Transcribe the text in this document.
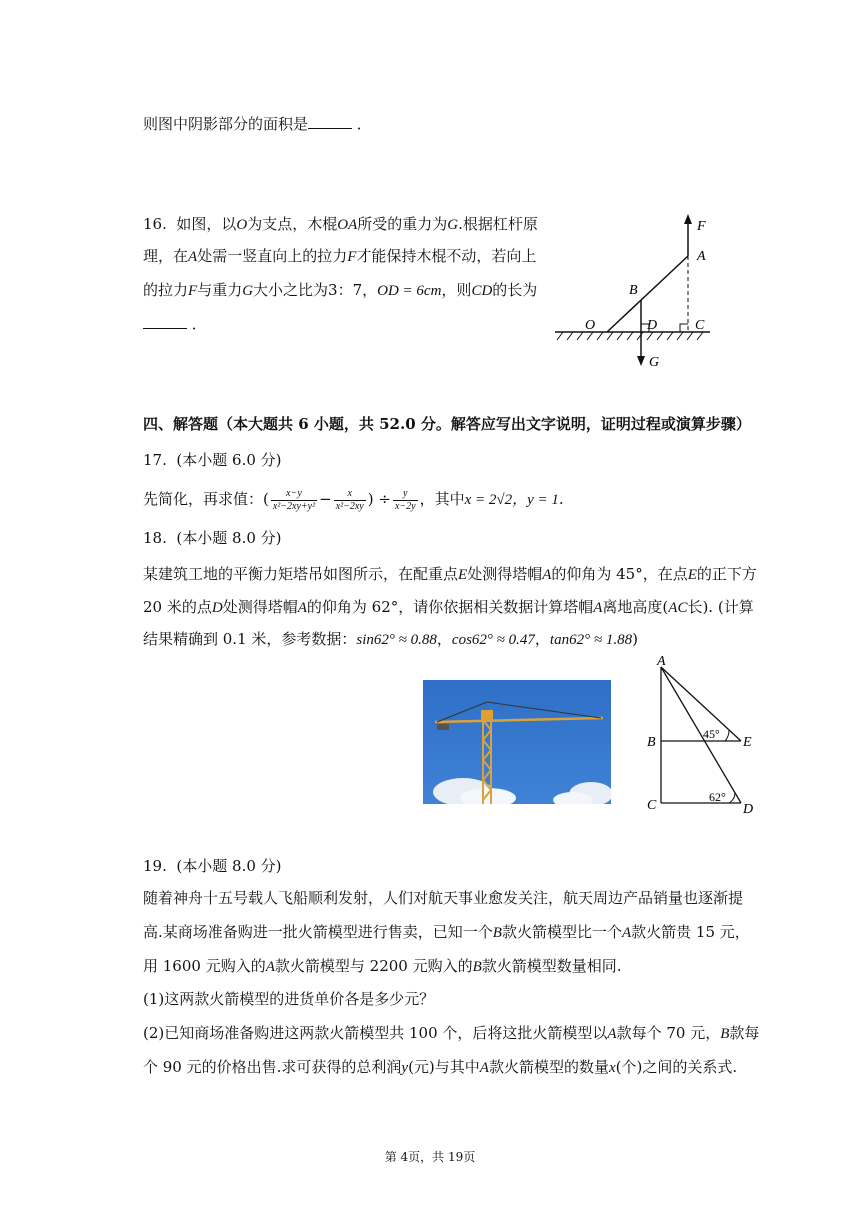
则图中阴影部分的面积是	．
16. 如图，以O为支点，木棍OA所受的重力为G.根据杠杆原
理，在A处需一竖直向上的拉力F才能保持木棍不动，若向上
的拉力F与重力G大小之比为3：7，OD = 6cm，则CD的长为
．	O
A
B
D	C
F
G
四、解答题（本大题共 6 小题，共 52.0 分。解答应写出文字说明，证明过程或演算步骤）
17. (本小题 6.0 分)
先简化，再求值：( $\frac{x-y}{\text{x²−2xy+y²}} - \frac{x}{\text{x²−2xy}}$ ) ÷ $\frac{y}{x-2y}$ ，其中x = 2√2，y = 1.
18. (本小题 8.0 分)
某建筑工地的平衡力矩塔吊如图所示，在配重点E处测得塔帽A的仰角为 45°，在点E的正下方
20 米的点D处测得塔帽A的仰角为 62°，请你依据相关数据计算塔帽A离地高度(AC长). (计算
结果精确到 0.1 米，参考数据：sin62° ≈ 0.88，cos62° ≈ 0.47，tan62° ≈ 1.88)
A
B
C	D
E
45°
62°
19. (本小题 8.0 分)
随着神舟十五号载人飞船顺利发射，人们对航天事业愈发关注，航天周边产品销量也逐渐提
高.某商场准备购进一批火箭模型进行售卖，已知一个B款火箭模型比一个A款火箭贵 15 元，
用 1600 元购入的A款火箭模型与 2200 元购入的B款火箭模型数量相同.
(1)这两款火箭模型的进货单价各是多少元？
(2)已知商场准备购进这两款火箭模型共 100 个，后将这批火箭模型以A款每个 70 元，B款每
个 90 元的价格出售.求可获得的总利润y(元)与其中A款火箭模型的数量x(个)之间的关系式.
第 4页，共 19页
